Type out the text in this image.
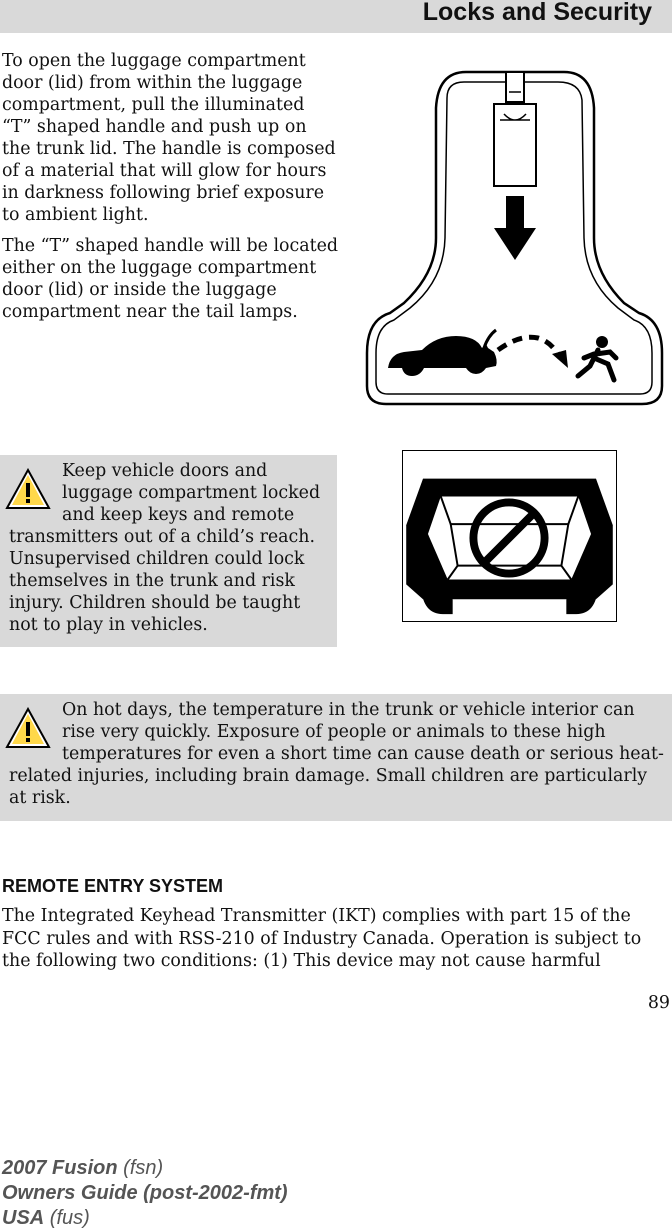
Locks and Security

To open the luggage compartment door (lid) from within the luggage compartment, pull the illuminated “T” shaped handle and push up on the trunk lid. The handle is composed of a material that will glow for hours in darkness following brief exposure to ambient light.

The “T” shaped handle will be located either on the luggage compartment door (lid) or inside the luggage compartment near the tail lamps.

Keep vehicle doors and luggage compartment locked and keep keys and remote transmitters out of a child’s reach. Unsupervised children could lock themselves in the trunk and risk injury. Children should be taught not to play in vehicles.
On hot days, the temperature in the trunk or vehicle interior can rise very quickly. Exposure of people or animals to these high temperatures for even a short time can cause death or serious heat-related injuries, including brain damage. Small children are particularly at risk.
REMOTE ENTRY SYSTEM
The Integrated Keyhead Transmitter (IKT) complies with part 15 of the FCC rules and with RSS-210 of Industry Canada. Operation is subject to the following two conditions: (1) This device may not cause harmful
89
2007 Fusion (fsn)
Owners Guide (post-2002-fmt)
USA (fus)
